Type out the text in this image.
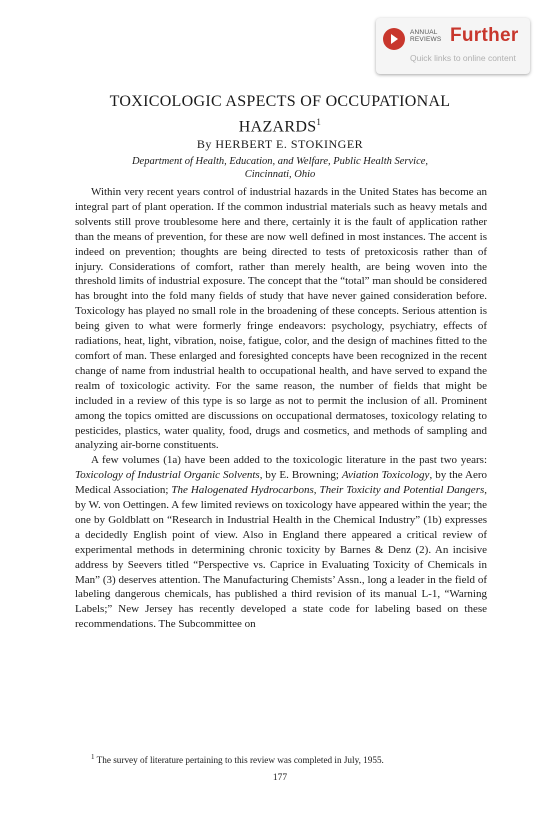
ANNUAL
REVIEWS Further
Quick links to online content
TOXICOLOGIC ASPECTS OF OCCUPATIONAL
HAZARDS$^1$
By HERBERT E. STOKINGER
Department of Health, Education, and Welfare, Public Health Service,
Cincinnati, Ohio

Within very recent years control of industrial hazards in the United States has become an integral part of plant operation. If the common industrial materials such as heavy metals and solvents still prove troublesome here and there, certainly it is the fault of application rather than the means of prevention, for these are now well defined in most instances. The accent is indeed on prevention; thoughts are being directed to tests of pretoxicosis rather than of injury. Considerations of comfort, rather than merely health, are being woven into the threshold limits of industrial exposure. The concept that the “total” man should be considered has brought into the fold many fields of study that have never gained consideration before. Toxicology has played no small role in the broadening of these concepts. Serious attention is being given to what were formerly fringe endeavors: psychology, psychiatry, effects of radiations, heat, light, vibration, noise, fatigue, color, and the design of machines fitted to the comfort of man. These enlarged and foresighted concepts have been recognized in the recent change of name from industrial health to occupational health, and have served to expand the realm of toxicologic activity. For the same reason, the number of fields that might be included in a review of this type is so large as not to permit the inclusion of all. Prominent among the topics omitted are discussions on occupational dermatoses, toxicology relating to pesticides, plastics, water quality, food, drugs and cosmetics, and methods of sampling and analyzing air-borne constituents.

A few volumes (1a) have been added to the toxicologic literature in the past two years: Toxicology of Industrial Organic Solvents, by E. Browning; Aviation Toxicology, by the Aero Medical Association; The Halogenated Hydrocarbons, Their Toxicity and Potential Dangers, by W. von Oettingen. A few limited reviews on toxicology have appeared within the year; the one by Goldblatt on “Research in Industrial Health in the Chemical Industry” (1b) expresses a decidedly English point of view. Also in England there appeared a critical review of experimental methods in determining chronic toxicity by Barnes & Denz (2). An incisive address by Seevers titled “Perspective vs. Caprice in Evaluating Toxicity of Chemicals in Man” (3) deserves attention. The Manufacturing Chemists’ Assn., long a leader in the field of labeling dangerous chemicals, has published a third revision of its manual L-1, “Warning Labels;” New Jersey has recently developed a state code for labeling based on these recommendations. The Subcommittee on

$^1$ The survey of literature pertaining to this review was completed in July, 1955.
177
